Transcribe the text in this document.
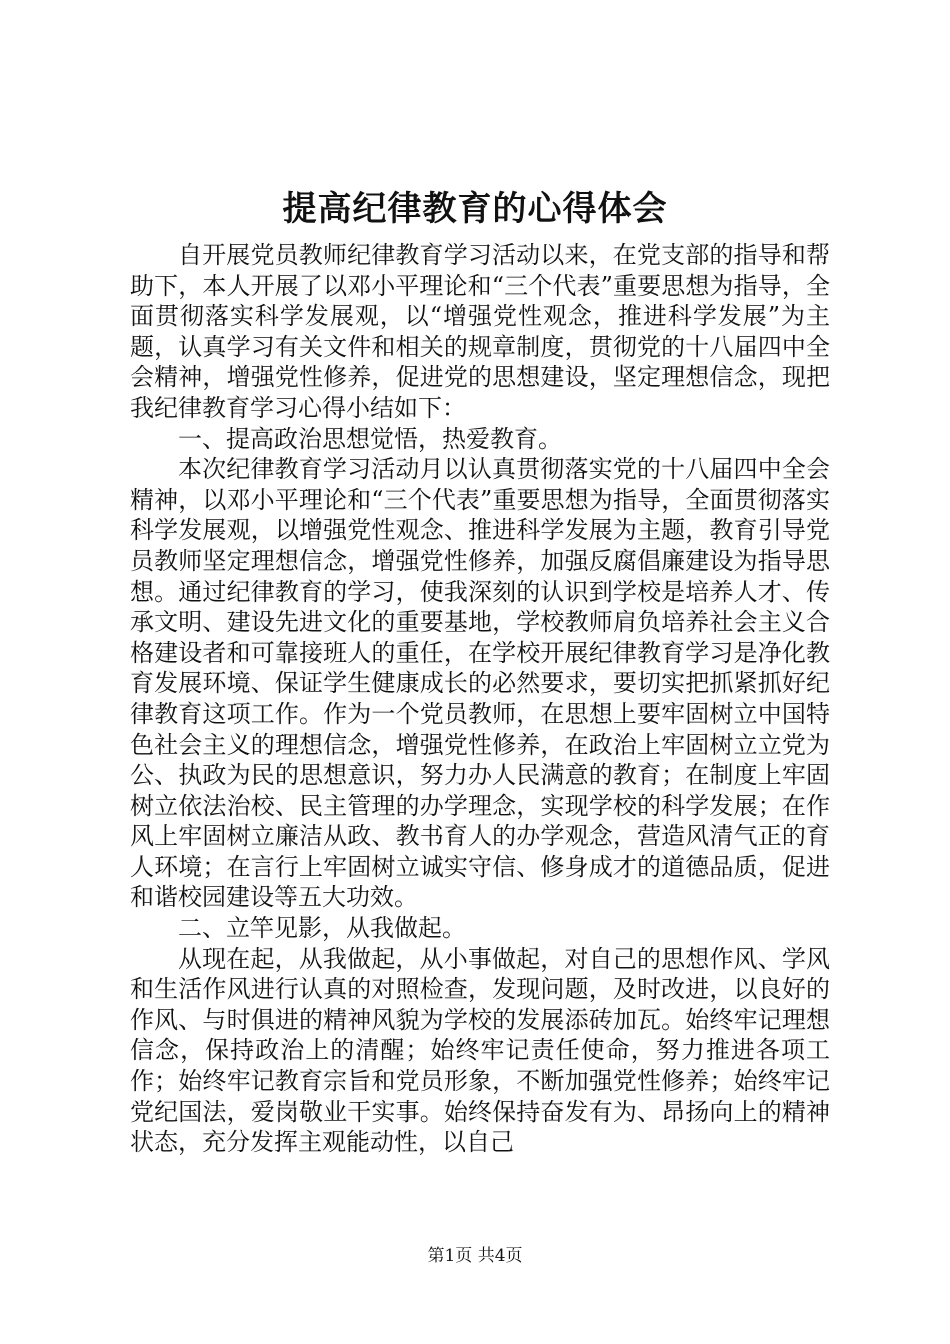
提高纪律教育的心得体会

自开展党员教师纪律教育学习活动以来，在党支部的指导和帮助下，本人开展了以邓小平理论和“三个代表”重要思想为指导，全面贯彻落实科学发展观，以“增强党性观念，推进科学发展”为主题，认真学习有关文件和相关的规章制度，贯彻党的十八届四中全会精神，增强党性修养，促进党的思想建设，坚定理想信念，现把我纪律教育学习心得小结如下：

一、提高政治思想觉悟，热爱教育。

本次纪律教育学习活动月以认真贯彻落实党的十八届四中全会精神，以邓小平理论和“三个代表”重要思想为指导，全面贯彻落实科学发展观，以增强党性观念、推进科学发展为主题，教育引导党员教师坚定理想信念，增强党性修养，加强反腐倡廉建设为指导思想。通过纪律教育的学习，使我深刻的认识到学校是培养人才、传承文明、建设先进文化的重要基地，学校教师肩负培养社会主义合格建设者和可靠接班人的重任，在学校开展纪律教育学习是净化教育发展环境、保证学生健康成长的必然要求，要切实把抓紧抓好纪律教育这项工作。作为一个党员教师，在思想上要牢固树立中国特色社会主义的理想信念，增强党性修养，在政治上牢固树立立党为公、执政为民的思想意识，努力办人民满意的教育；在制度上牢固树立依法治校、民主管理的办学理念，实现学校的科学发展；在作风上牢固树立廉洁从政、教书育人的办学观念，营造风清气正的育人环境；在言行上牢固树立诚实守信、修身成才的道德品质，促进和谐校园建设等五大功效。

二、立竿见影，从我做起。

从现在起，从我做起，从小事做起，对自己的思想作风、学风和生活作风进行认真的对照检查，发现问题，及时改进，以良好的作风、与时俱进的精神风貌为学校的发展添砖加瓦。始终牢记理想信念，保持政治上的清醒；始终牢记责任使命，努力推进各项工作；始终牢记教育宗旨和党员形象，不断加强党性修养；始终牢记党纪国法，爱岗敬业干实事。始终保持奋发有为、昂扬向上的精神状态，充分发挥主观能动性，以自己

第1页 共4页
